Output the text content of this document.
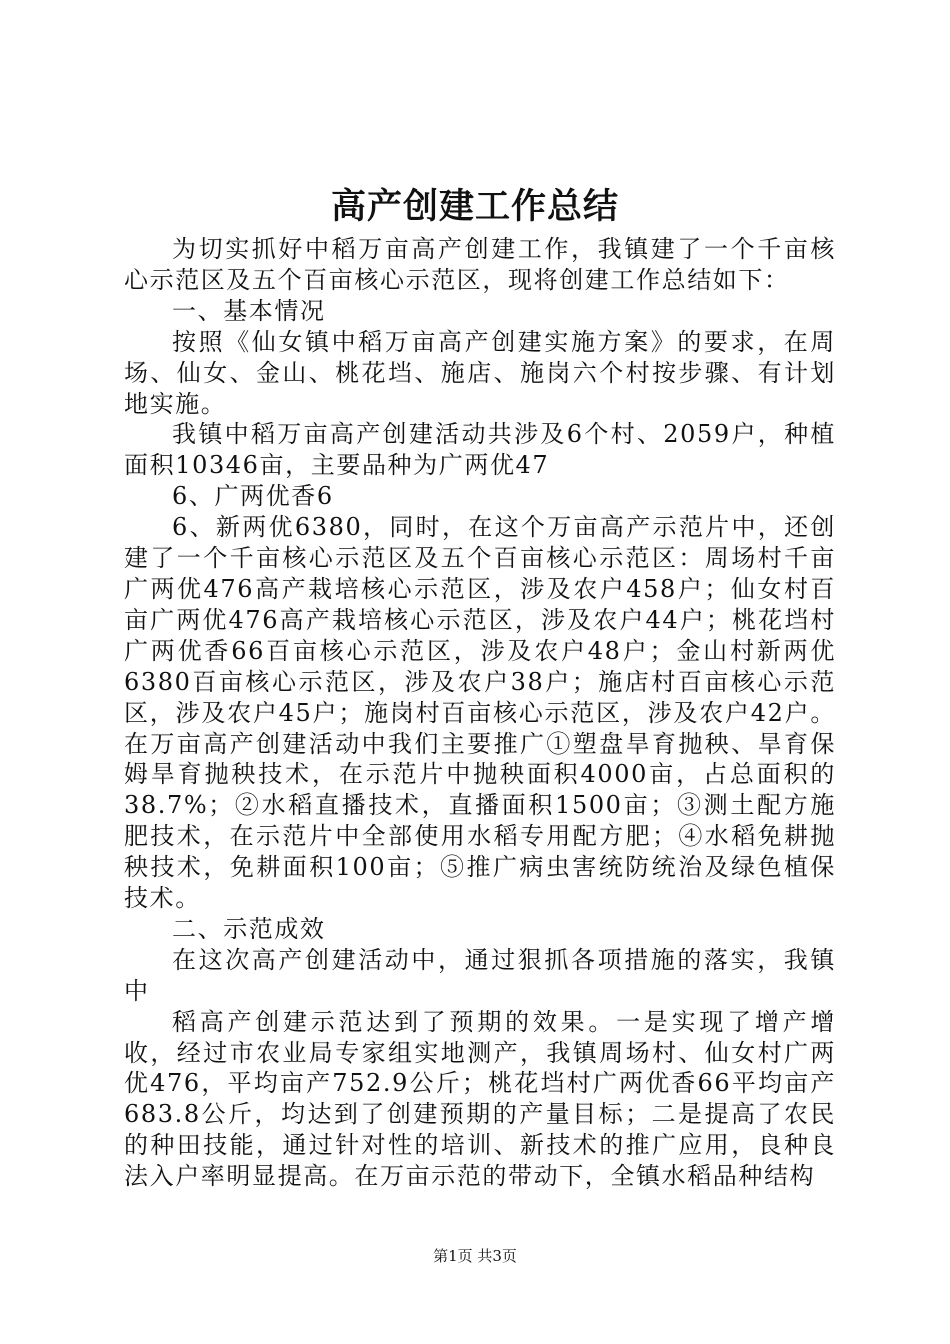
高产创建工作总结

为切实抓好中稻万亩高产创建工作，我镇建了一个千亩核心示范区及五个百亩核心示范区，现将创建工作总结如下：

一、基本情况

按照《仙女镇中稻万亩高产创建实施方案》的要求，在周场、仙女、金山、桃花垱、施店、施岗六个村按步骤、有计划地实施。

我镇中稻万亩高产创建活动共涉及6个村、2059户，种植面积10346亩，主要品种为广两优47

6、广两优香6

6、新两优6380，同时，在这个万亩高产示范片中，还创建了一个千亩核心示范区及五个百亩核心示范区：周场村千亩广两优476高产栽培核心示范区，涉及农户458户；仙女村百亩广两优476高产栽培核心示范区，涉及农户44户；桃花垱村广两优香66百亩核心示范区，涉及农户48户；金山村新两优6380百亩核心示范区，涉及农户38户；施店村百亩核心示范区，涉及农户45户；施岗村百亩核心示范区，涉及农户42户。在万亩高产创建活动中我们主要推广①塑盘旱育抛秧、旱育保姆旱育抛秧技术，在示范片中抛秧面积4000亩，占总面积的38.7%；②水稻直播技术，直播面积1500亩；③测土配方施肥技术，在示范片中全部使用水稻专用配方肥；④水稻免耕抛秧技术，免耕面积100亩；⑤推广病虫害统防统治及绿色植保技术。

二、示范成效

在这次高产创建活动中，通过狠抓各项措施的落实，我镇中

稻高产创建示范达到了预期的效果。一是实现了增产增收，经过市农业局专家组实地测产，我镇周场村、仙女村广两优476，平均亩产752.9公斤；桃花垱村广两优香66平均亩产683.8公斤，均达到了创建预期的产量目标；二是提高了农民的种田技能，通过针对性的培训、新技术的推广应用，良种良法入户率明显提高。在万亩示范的带动下，全镇水稻品种结构

第1页 共3页
